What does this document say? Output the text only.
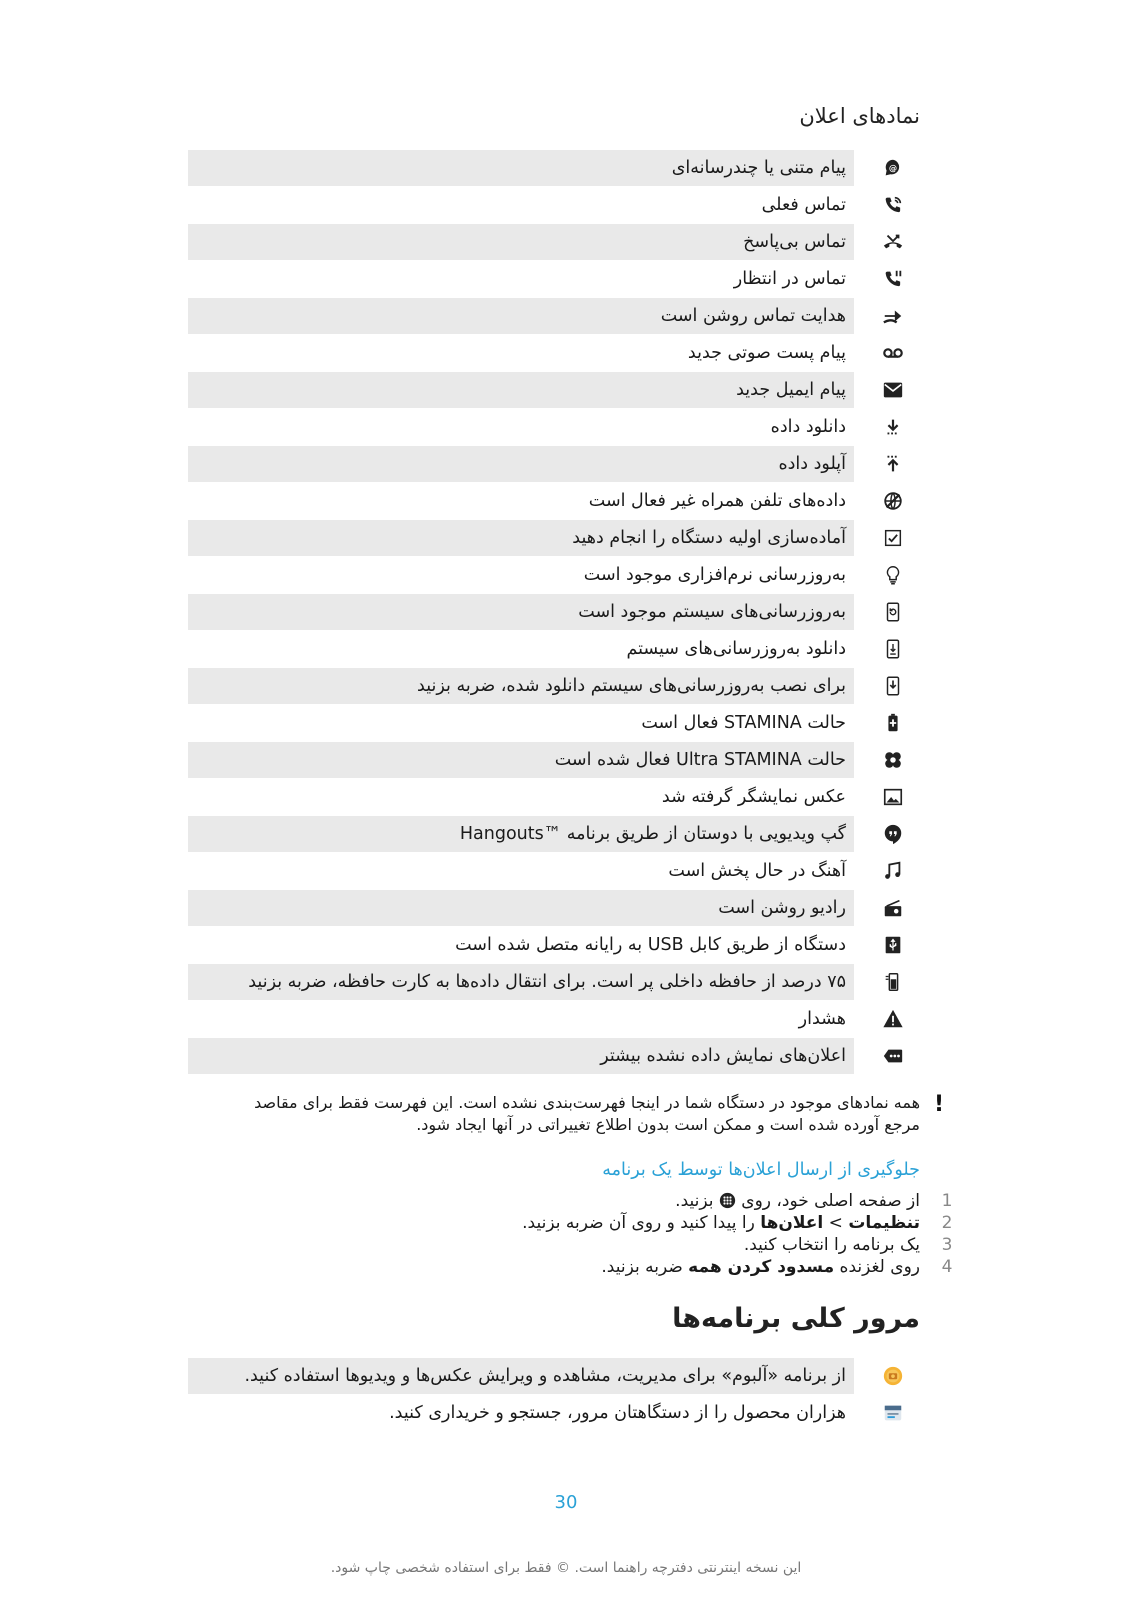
نمادهای اعلان
@
پیام متنی یا چندرسانه‌ای
تماس فعلی
تماس بی‌پاسخ
تماس در انتظار
هدایت تماس روشن است
پیام پست صوتی جدید
پیام ایمیل جدید
دانلود داده
آپلود داده
داده‌های تلفن همراه غیر فعال است
آماده‌سازی اولیه دستگاه را انجام دهید
به‌روزرسانی نرم‌افزاری موجود است
به‌روزرسانی‌های سیستم موجود است
دانلود به‌روزرسانی‌های سیستم
برای نصب به‌روزرسانی‌های سیستم دانلود شده، ضربه بزنید
حالت STAMINA فعال است
حالت Ultra STAMINA فعال شده است
عکس نمایشگر گرفته شد
گپ ویدیویی با دوستان از طریق برنامه ™Hangouts
آهنگ در حال پخش است
رادیو روشن است
دستگاه از طریق کابل USB به رایانه متصل شده است
۷۵ درصد از حافظه داخلی پر است. برای انتقال داده‌ها به کارت حافظه، ضربه بزنید
هشدار
اعلان‌های نمایش داده نشده بیشتر
!

همه نمادهای موجود در دستگاه شما در اینجا فهرست‌بندی نشده است. این فهرست فقط برای مقاصد

مرجع آورده شده است و ممکن است بدون اطلاع تغییراتی در آنها ایجاد شود.

جلوگیری از ارسال اعلان‌ها توسط یک برنامه
1
از صفحه اصلی خود، روی  بزنید.
2
تنظیمات > اعلان‌ها را پیدا کنید و روی آن ضربه بزنید.
3
یک برنامه را انتخاب کنید.
4
روی لغزنده مسدود کردن همه ضربه بزنید.
مرور کلی برنامه‌ها
از برنامه «آلبوم» برای مدیریت، مشاهده و ویرایش عکس‌ها و ویدیوها استفاده کنید.
هزاران محصول را از دستگاهتان مرور، جستجو و خریداری کنید.
30
این نسخه اینترنتی دفترچه راهنما است. © فقط برای استفاده شخصی چاپ شود.
